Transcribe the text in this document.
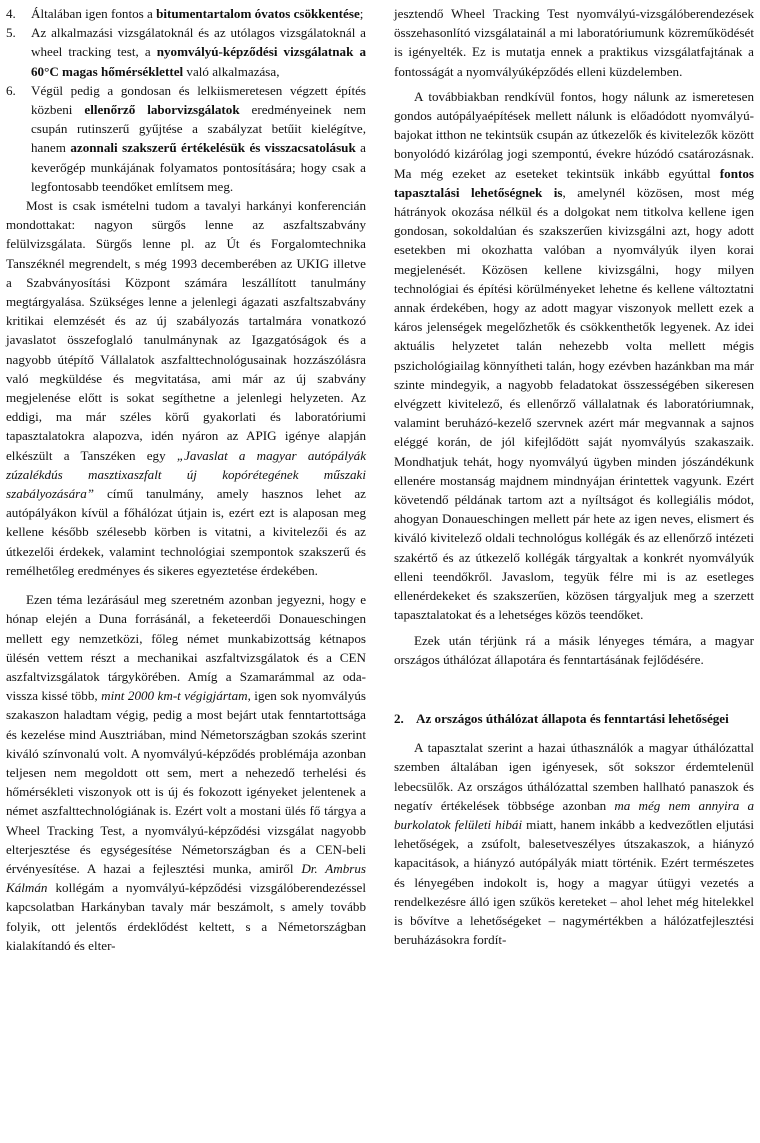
4.	Általában igen fontos a bitumentartalom óvatos csökkentése;
5.	Az alkalmazási vizsgálatoknál és az utólagos vizsgálatoknál a wheel tracking test, a nyomvályú-képződési vizsgálatnak a 60°C magas hőmérséklettel való alkalmazása,
6.	Végül pedig a gondosan és lelkiismeretesen végzett építés közbeni ellenőrző laborvizsgálatok eredményeinek nem csupán rutinszerű gyűjtése a szabályzat betűit kielégítve, hanem azonnali szakszerű értékelésük és visszacsatolásuk a keverőgép munkájának folyamatos pontosítására; hogy csak a legfontosabb teendőket említsem meg.

Most is csak ismételni tudom a tavalyi harkányi konferencián mondottakat: nagyon sürgős lenne az aszfaltszabvány felülvizsgálata. Sürgős lenne pl. az Út és Forgalomtechnika Tanszéknél megrendelt, s még 1993 decemberében az UKIG illetve a Szabványosítási Központ számára leszállított tanulmány megtárgyalása. Szükséges lenne a jelenlegi ágazati aszfaltszabvány kritikai elemzését és az új szabályozás tartalmára vonatkozó javaslatot összefoglaló tanulmánynak az Igazgatóságok és a nagyobb útépítő Vállalatok aszfalttechnológusainak hozzászólásra való megküldése és megvitatása, ami már az új szabvány megjelenése előtt is sokat segíthetne a jelenlegi helyzeten. Az eddigi, ma már széles körű gyakorlati és laboratóriumi tapasztalatokra alapozva, idén nyáron az APIG igénye alapján elkészült a Tanszéken egy „Javaslat a magyar autópályák zúzalékdús masztixaszfalt új kopórétegének műszaki szabályozására” című tanulmány, amely hasznos lehet az autópályákon kívül a főhálózat útjain is, ezért ezt is alaposan meg kellene később szélesebb körben is vitatni, a kivitelezői és az útkezelői érdekek, valamint technológiai szempontok szakszerű és remélhetőleg eredményes és sikeres egyeztetése érdekében.

Ezen téma lezárásául meg szeretném azonban jegyezni, hogy e hónap elején a Duna forrásánál, a feketeerdői Donaueschingen mellett egy nemzetközi, főleg német munkabizottság kétnapos ülésén vettem részt a mechanikai aszfaltvizsgálatok és a CEN aszfaltvizsgálatok tárgykörében. Amíg a Szamarámmal az oda-vissza kissé több, mint 2000 km-t végigjártam, igen sok nyomvályús szakaszon haladtam végig, pedig a most bejárt utak fenntartottsága és kezelése mind Ausztriában, mind Németországban szokás szerint kiváló színvonalú volt. A nyomvályú-képződés problémája azonban teljesen nem megoldott ott sem, mert a nehezedő terhelési és hőmérsékleti viszonyok ott is új és fokozott igényeket jelentenek a német aszfalttechnológiának is. Ezért volt a mostani ülés fő tárgya a Wheel Tracking Test, a nyomvályú-képződési vizsgálat nagyobb elterjesztése és egységesítése Németországban és a CEN-beli érvényesítése. A hazai a fejlesztési munka, amiről Dr. Ambrus Kálmán kollégám a nyomvályú-képződési vizsgálóberendezéssel kapcsolatban Harkányban tavaly már beszámolt, s amely tovább folyik, ott jelentős érdeklődést keltett, s a Németországban kialakítandó és elter-

jesztendő Wheel Tracking Test nyomvályú-vizsgálóberendezések összehasonlító vizsgálatainál a mi laboratóriumunk közreműködését is igényelték. Ez is mutatja ennek a praktikus vizsgálatfajtának a fontosságát a nyomvályúképződés elleni küzdelemben.

A továbbiakban rendkívül fontos, hogy nálunk az ismeretesen gondos autópályaépítések mellett nálunk is előadódott nyomvályú-bajokat itthon ne tekintsük csupán az útkezelők és kivitelezők között bonyolódó kizárólag jogi szempontú, évekre húzódó csatározásnak. Ma még ezeket az eseteket tekintsük inkább egyúttal fontos tapasztalási lehetőségnek is, amelynél közösen, most még hátrányok okozása nélkül és a dolgokat nem titkolva kellene igen gondosan, sokoldalúan és szakszerűen kivizsgálni azt, hogy adott esetekben mi okozhatta valóban a nyomvályúk ilyen korai megjelenését. Közösen kellene kivizsgálni, hogy milyen technológiai és építési körülményeket lehetne és kellene változtatni annak érdekében, hogy az adott magyar viszonyok mellett ezek a káros jelenségek megelőzhetők és csökkenthetők legyenek. Az idei aktuális helyzetet talán nehezebb volta mellett mégis pszichológiailag könnyítheti talán, hogy ezévben hazánkban ma már szinte mindegyik, a nagyobb feladatokat összességében sikeresen elvégzett kivitelező, és ellenőrző vállalatnak és laboratóriumnak, valamint beruházó-kezelő szervnek azért már megvannak a sajnos eléggé korán, de jól kifejlődött saját nyomvályús szakaszaik. Mondhatjuk tehát, hogy nyomvályú ügyben minden jószándékunk ellenére mostanság majdnem mindnyájan érintettek vagyunk. Ezért követendő példának tartom azt a nyíltságot és kollegiális módot, ahogyan Donaueschingen mellett pár hete az igen neves, elismert és kiváló kivitelező oldali technológus kollégák és az ellenőrző intézeti szakértő és az útkezelő kollégák tárgyaltak a konkrét nyomvályúk elleni teendőkről. Javaslom, tegyük félre mi is az esetleges ellenérdekeket és szakszerűen, közösen tárgyaljuk meg a szerzett tapasztalatokat és a lehetséges közös teendőket.

Ezek után térjünk rá a másik lényeges témára, a magyar országos úthálózat állapotára és fenntartásának fejlődésére.

2. Az országos úthálózat állapota és fenntartási lehetőségei

A tapasztalat szerint a hazai úthasználók a magyar úthálózattal szemben általában igen igényesek, sőt sokszor érdemtelenül lebecsülők. Az országos úthálózattal szemben hallható panaszok és negatív értékelések többsége azonban ma még nem annyira a burkolatok felületi hibái miatt, hanem inkább a kedvezőtlen eljutási lehetőségek, a zsúfolt, balesetveszélyes útszakaszok, a hiányzó kapacitások, a hiányzó autópályák miatt történik. Ezért természetes és lényegében indokolt is, hogy a magyar útügyi vezetés a rendelkezésre álló igen szűkös kereteket – ahol lehet még hitelekkel is bővítve a lehetőségeket – nagymértékben a hálózatfejlesztési beruházásokra fordít-
